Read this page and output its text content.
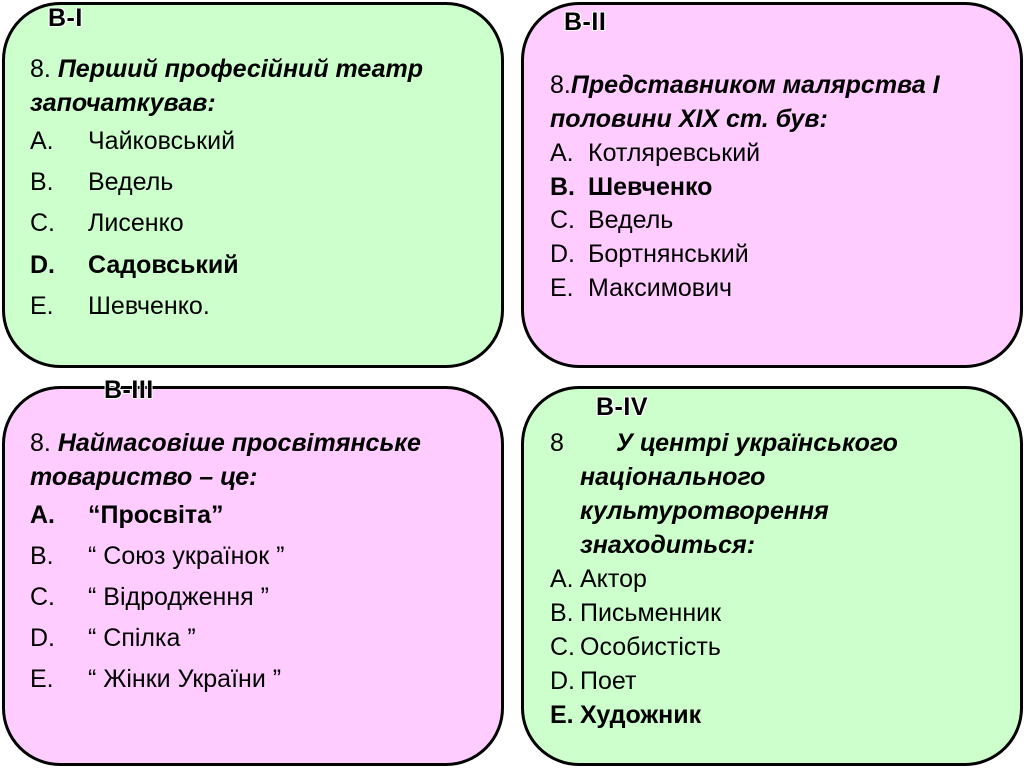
В-I
8. Перший професійний театр започаткував:
A. Чайковський
B. Ведель
C. Лисенко
D. Садовський
E. Шевченко.
В-II
8.Представником малярства І половини XIX ст. був:
A. Котляревський
B. Шевченко
C. Ведель
D. Бортнянський
E. Максимович
В-III
8. Наймасовіше просвітянське товариство – це:
A. “Просвіта”
B. “ Союз українок ”
C. “ Відродження ”
D. “ Спілка ”
E. “ Жінки України ”
В-IV
8	У центрі українського національного культуротворення знаходиться:
A. Актор
B. Письменник
C. Особистість
D. Поет
E. Художник
